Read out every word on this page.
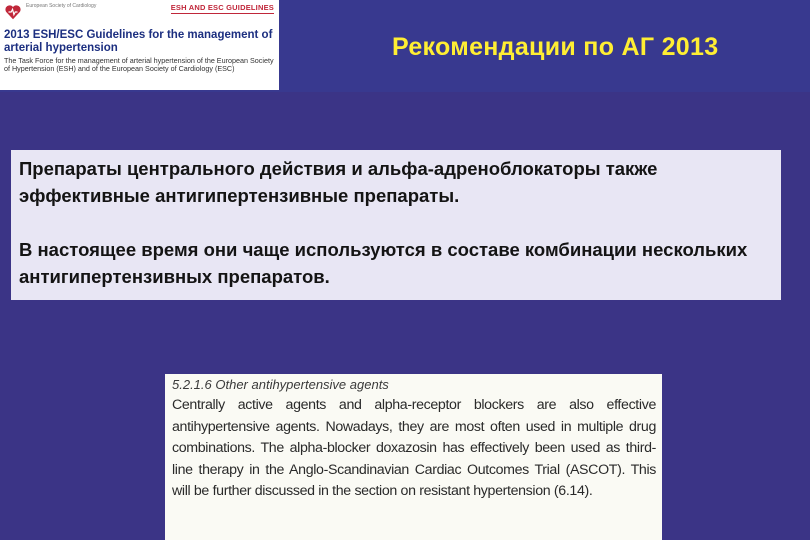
European Society of Cardiology	ESH AND ESC GUIDELINES
2013 ESH/ESC Guidelines for the management of arterial hypertension
The Task Force for the management of arterial hypertension of the European Society of Hypertension (ESH) and of the European Society of Cardiology (ESC)
Рекомендации по АГ 2013

Препараты центрального действия и альфа-адреноблокаторы также эффективные антигипертензивные препараты.

В настоящее время они чаще используются в составе комбинации нескольких антигипертензивных препаратов.

5.2.1.6 Other antihypertensive agents
Centrally active agents and alpha-receptor blockers are also effective antihypertensive agents. Nowadays, they are most often used in multiple drug combinations. The alpha-blocker doxazosin has effectively been used as third-line therapy in the Anglo-Scandinavian Cardiac Outcomes Trial (ASCOT). This will be further discussed in the section on resistant hypertension (6.14).
